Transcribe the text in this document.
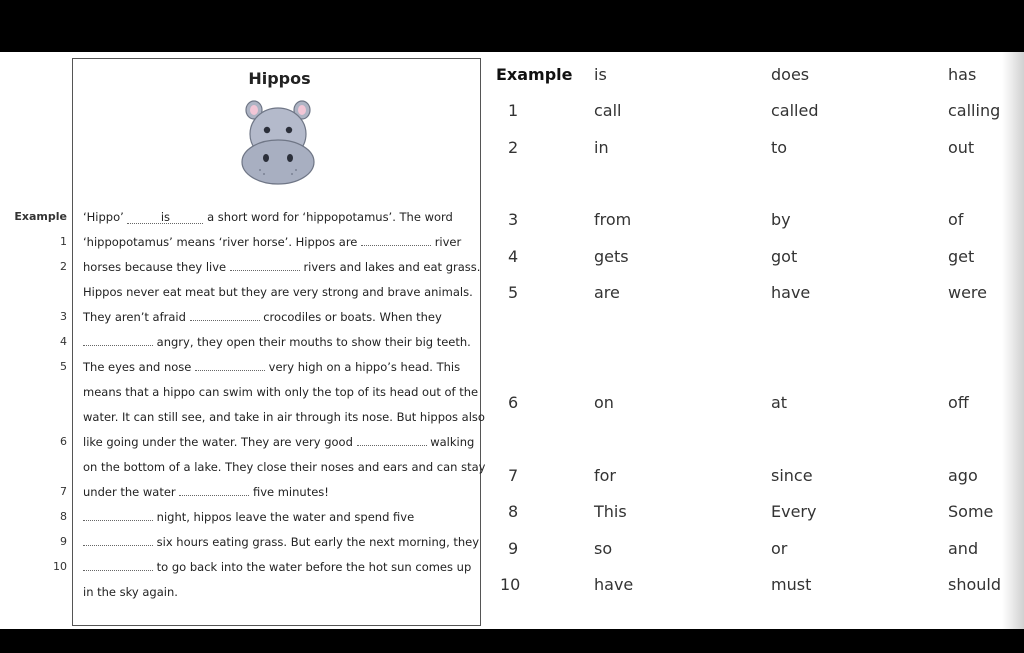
Hippos
Example
1
2
3
4
5
6
7
8
9
10
‘Hippo’	is	a short word for ‘hippopotamus’. The word
‘hippopotamus’ means ‘river horse’. Hippos are	river
horses because they live	rivers and lakes and eat grass.
Hippos never eat meat but they are very strong and brave animals.
They aren’t afraid	crocodiles or boats. When they
angry, they open their mouths to show their big teeth.
The eyes and nose	very high on a hippo’s head. This
means that a hippo can swim with only the top of its head out of the
water. It can still see, and take in air through its nose. But hippos also
like going under the water. They are very good	walking
on the bottom of a lake. They close their noses and ears and can stay
under the water	five minutes!
night, hippos leave the water and spend five
six hours eating grass. But early the next morning, they
to go back into the water before the hot sun comes up
in the sky again.
Example is	does	has
1	call	called	calling
2	in	to	out
3	from	by	of
4	gets	got	get
5	are	have	were
6	on	at	off
7	for	since	ago
8	This	Every	Some
9	so	or	and
10	have	must	should
